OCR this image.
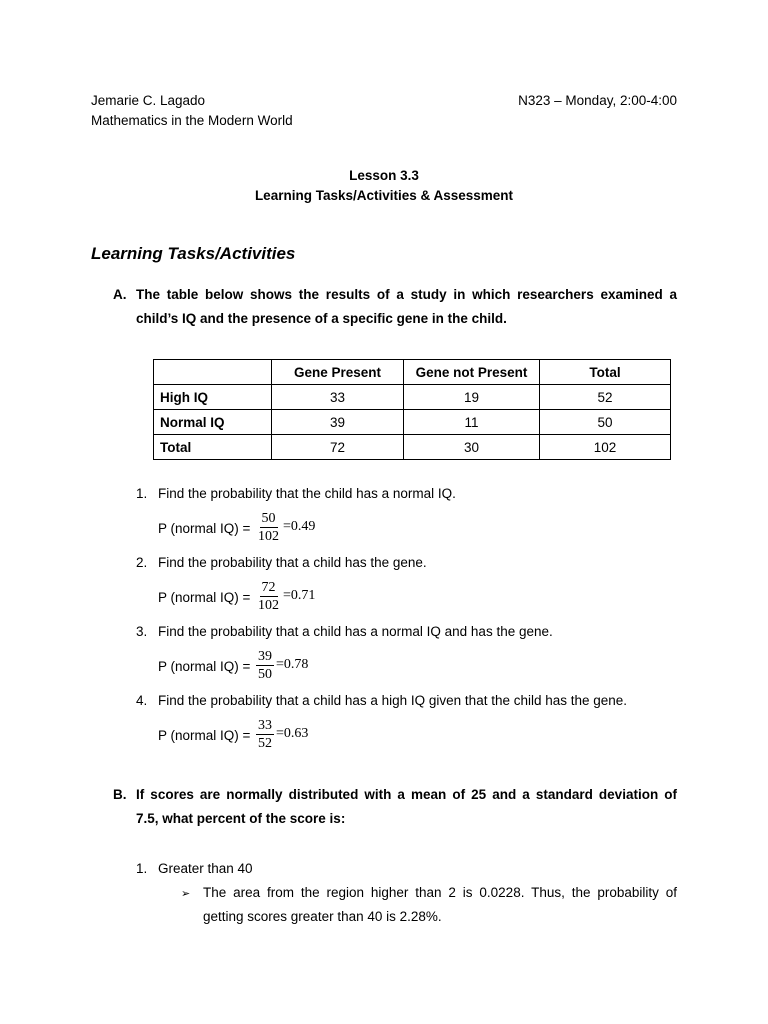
Jemarie C. Lagado
Mathematics in the Modern World
N323 – Monday, 2:00-4:00
Lesson 3.3
Learning Tasks/Activities & Assessment
Learning Tasks/Activities
A. The table below shows the results of a study in which researchers examined a
child’s IQ and the presence of a specific gene in the child.
	Gene Present	Gene not Present	Total
High IQ	33	19	52
Normal IQ	39	11	50
Total	72	30	102
1. Find the probability that the child has a normal IQ.
P (normal $IQ) = \frac{50}{102} =0.49$
2. Find the probability that a child has the gene.
P (normal $IQ) = \frac{72}{102} =0.71$
3. Find the probability that a child has a normal IQ and has the gene.
P (normal $IQ) = \frac{39}{50} =0.78$
4. Find the probability that a child has a high IQ given that the child has the gene.
P (normal $IQ) = \frac{33}{52} =0.63$
B. If scores are normally distributed with a mean of 25 and a standard deviation of
7.5, what percent of the score is:
1. Greater than 40
➢ The area from the region higher than 2 is 0.0228. Thus, the probability of
getting scores greater than 40 is 2.28%.
